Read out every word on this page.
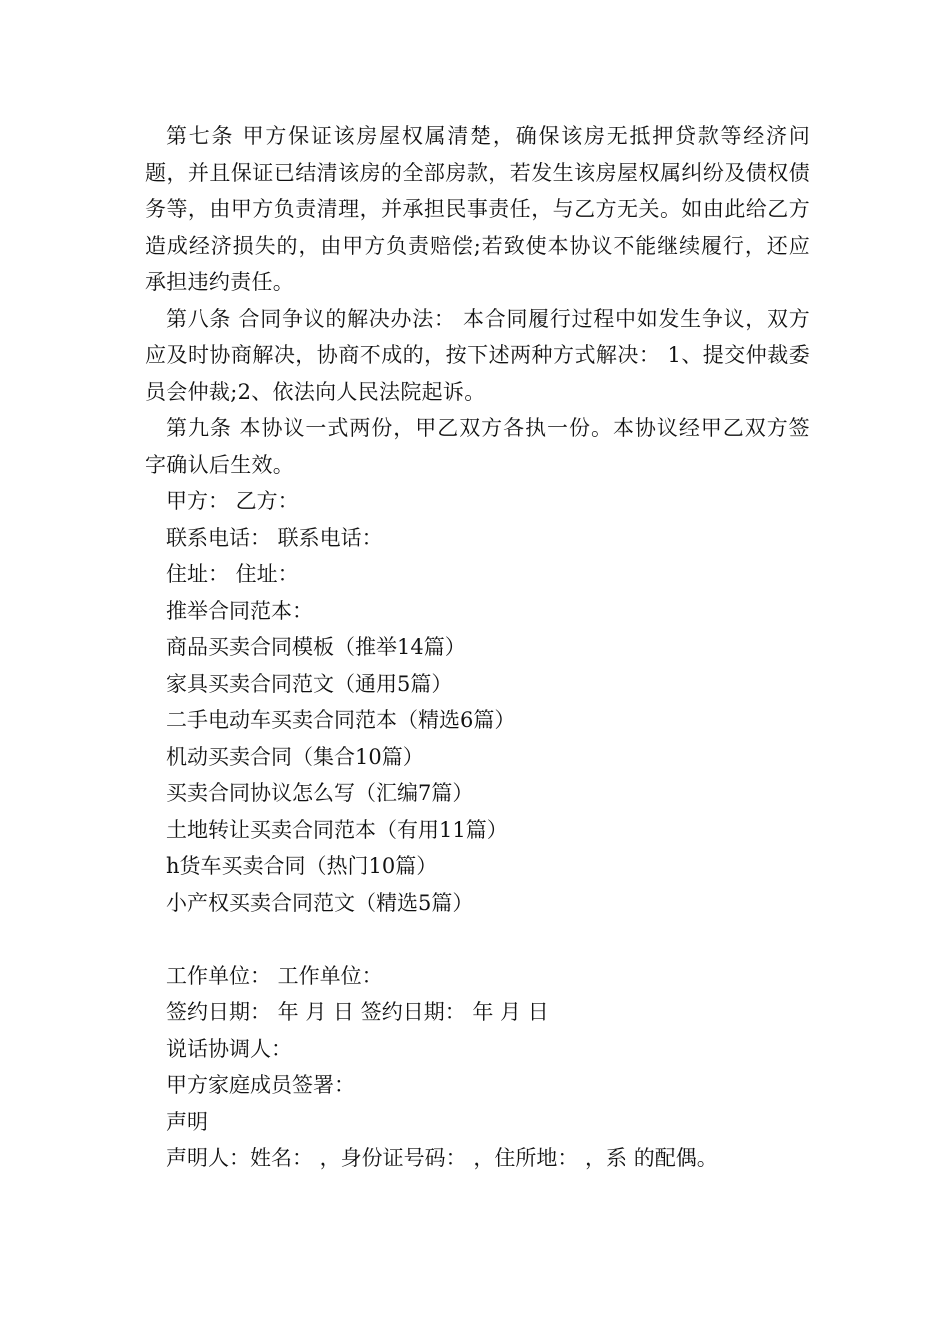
第七条 甲方保证该房屋权属清楚，确保该房无抵押贷款等经济问题，并且保证已结清该房的全部房款，若发生该房屋权属纠纷及债权债务等，由甲方负责清理，并承担民事责任，与乙方无关。如由此给乙方造成经济损失的，由甲方负责赔偿;若致使本协议不能继续履行，还应承担违约责任。

第八条 合同争议的解决办法： 本合同履行过程中如发生争议，双方应及时协商解决，协商不成的，按下述两种方式解决： 1、提交仲裁委员会仲裁;2、依法向人民法院起诉。

第九条 本协议一式两份，甲乙双方各执一份。本协议经甲乙双方签字确认后生效。

甲方： 乙方：

联系电话： 联系电话：

住址： 住址：

推举合同范本：

商品买卖合同模板（推举14篇）

家具买卖合同范文（通用5篇）

二手电动车买卖合同范本（精选6篇）

机动买卖合同（集合10篇）

买卖合同协议怎么写（汇编7篇）

土地转让买卖合同范本（有用11篇）

h货车买卖合同（热门10篇）

小产权买卖合同范文（精选5篇）

工作单位： 工作单位：

签约日期： 年 月 日 签约日期： 年 月 日

说话协调人：

甲方家庭成员签署：

声明

声明人：姓名： ，身份证号码： ，住所地： ，系 的配偶。
